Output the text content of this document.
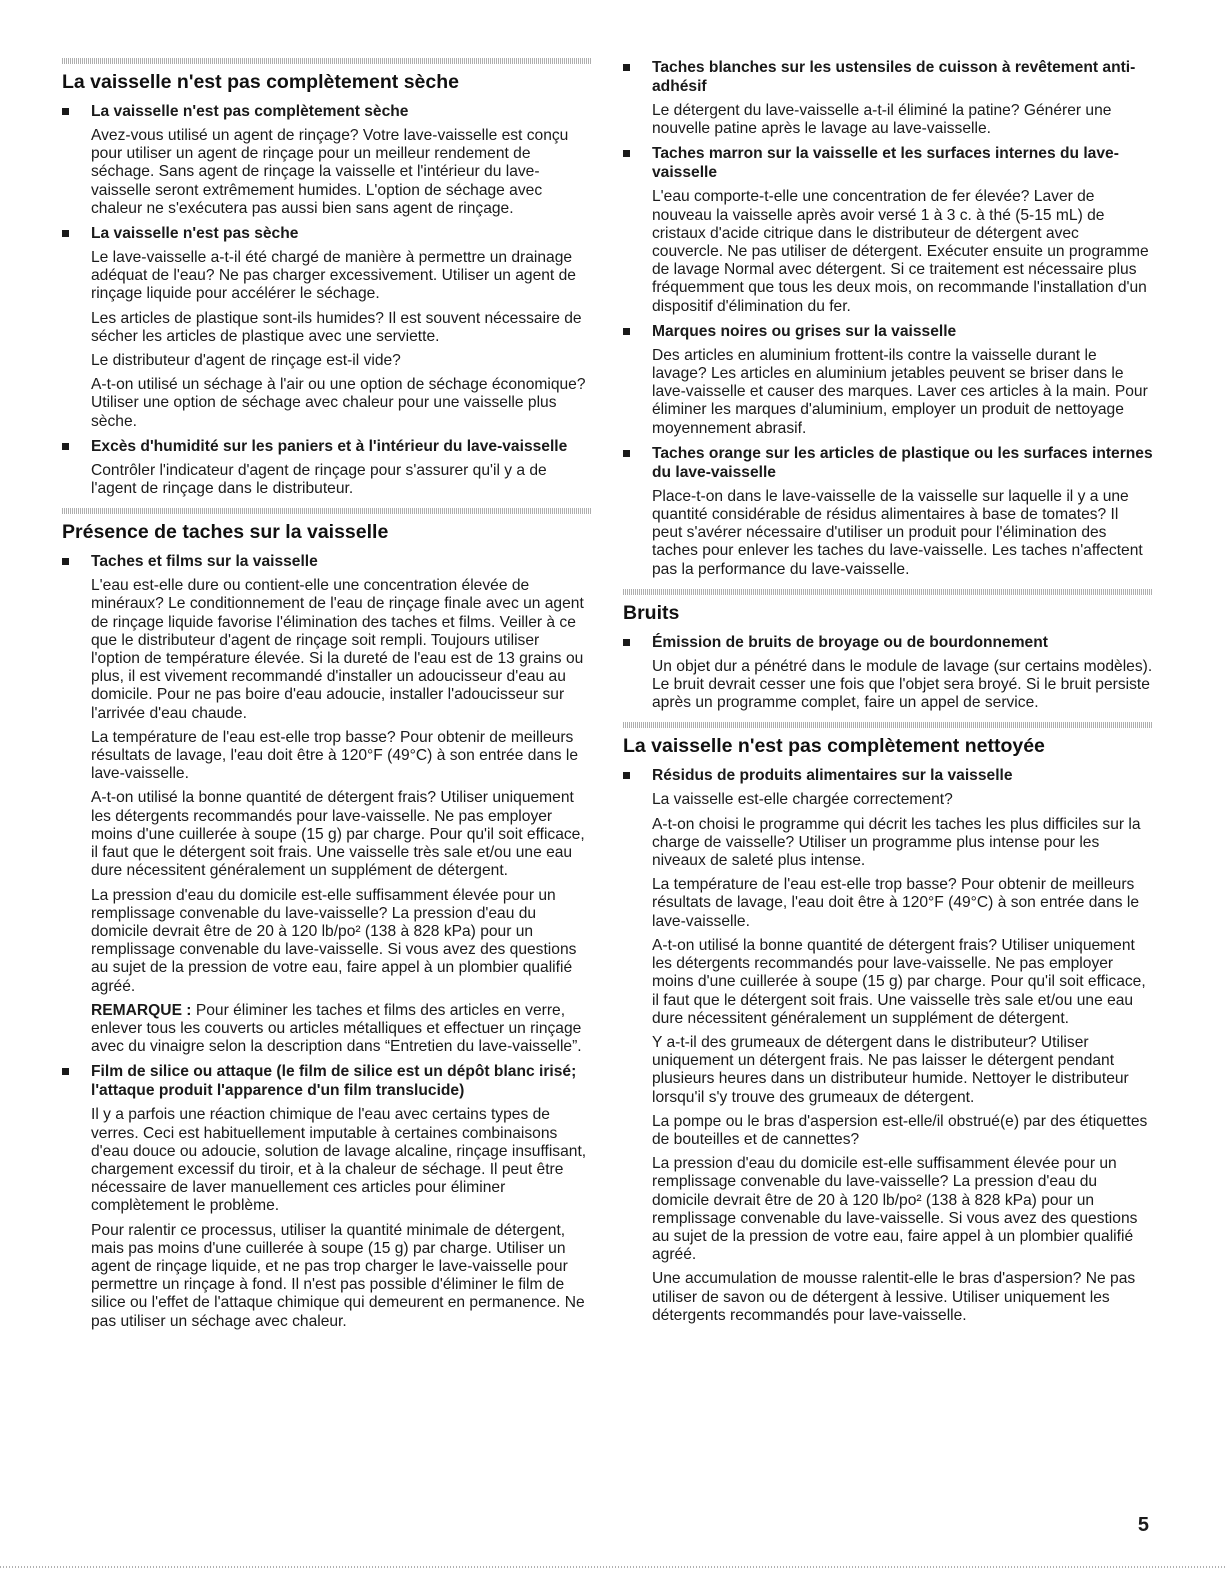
La vaisselle n'est pas complètement sèche
La vaisselle n'est pas complètement sèche

Avez-vous utilisé un agent de rinçage? Votre lave-vaisselle est conçu pour utiliser un agent de rinçage pour un meilleur rendement de séchage. Sans agent de rinçage la vaisselle et l'intérieur du lave-vaisselle seront extrêmement humides. L'option de séchage avec chaleur ne s'exécutera pas aussi bien sans agent de rinçage.

La vaisselle n'est pas sèche

Le lave-vaisselle a-t-il été chargé de manière à permettre un drainage adéquat de l'eau? Ne pas charger excessivement. Utiliser un agent de rinçage liquide pour accélérer le séchage.

Les articles de plastique sont-ils humides? Il est souvent nécessaire de sécher les articles de plastique avec une serviette.

Le distributeur d'agent de rinçage est-il vide?

A-t-on utilisé un séchage à l'air ou une option de séchage économique? Utiliser une option de séchage avec chaleur pour une vaisselle plus sèche.

Excès d'humidité sur les paniers et à l'intérieur du lave-vaisselle

Contrôler l'indicateur d'agent de rinçage pour s'assurer qu'il y a de l'agent de rinçage dans le distributeur.

Présence de taches sur la vaisselle
Taches et films sur la vaisselle

L'eau est-elle dure ou contient-elle une concentration élevée de minéraux? Le conditionnement de l'eau de rinçage finale avec un agent de rinçage liquide favorise l'élimination des taches et films. Veiller à ce que le distributeur d'agent de rinçage soit rempli. Toujours utiliser l'option de température élevée. Si la dureté de l'eau est de 13 grains ou plus, il est vivement recommandé d'installer un adoucisseur d'eau au domicile. Pour ne pas boire d'eau adoucie, installer l'adoucisseur sur l'arrivée d'eau chaude.

La température de l'eau est-elle trop basse? Pour obtenir de meilleurs résultats de lavage, l'eau doit être à 120°F (49°C) à son entrée dans le lave-vaisselle.

A-t-on utilisé la bonne quantité de détergent frais? Utiliser uniquement les détergents recommandés pour lave-vaisselle. Ne pas employer moins d'une cuillerée à soupe (15 g) par charge. Pour qu'il soit efficace, il faut que le détergent soit frais. Une vaisselle très sale et/ou une eau dure nécessitent généralement un supplément de détergent.

La pression d'eau du domicile est-elle suffisamment élevée pour un remplissage convenable du lave-vaisselle? La pression d'eau du domicile devrait être de 20 à 120 lb/po² (138 à 828 kPa) pour un remplissage convenable du lave-vaisselle. Si vous avez des questions au sujet de la pression de votre eau, faire appel à un plombier qualifié agréé.

REMARQUE : Pour éliminer les taches et films des articles en verre, enlever tous les couverts ou articles métalliques et effectuer un rinçage avec du vinaigre selon la description dans “Entretien du lave-vaisselle”.

Film de silice ou attaque (le film de silice est un dépôt blanc irisé; l'attaque produit l'apparence d'un film translucide)

Il y a parfois une réaction chimique de l'eau avec certains types de verres. Ceci est habituellement imputable à certaines combinaisons d'eau douce ou adoucie, solution de lavage alcaline, rinçage insuffisant, chargement excessif du tiroir, et à la chaleur de séchage. Il peut être nécessaire de laver manuellement ces articles pour éliminer complètement le problème.

Pour ralentir ce processus, utiliser la quantité minimale de détergent, mais pas moins d'une cuillerée à soupe (15 g) par charge. Utiliser un agent de rinçage liquide, et ne pas trop charger le lave-vaisselle pour permettre un rinçage à fond. Il n'est pas possible d'éliminer le film de silice ou l'effet de l'attaque chimique qui demeurent en permanence. Ne pas utiliser un séchage avec chaleur.

Taches blanches sur les ustensiles de cuisson à revêtement anti-adhésif

Le détergent du lave-vaisselle a-t-il éliminé la patine? Générer une nouvelle patine après le lavage au lave-vaisselle.

Taches marron sur la vaisselle et les surfaces internes du lave-vaisselle

L'eau comporte-t-elle une concentration de fer élevée? Laver de nouveau la vaisselle après avoir versé 1 à 3 c. à thé (5-15 mL) de cristaux d'acide citrique dans le distributeur de détergent avec couvercle. Ne pas utiliser de détergent. Exécuter ensuite un programme de lavage Normal avec détergent. Si ce traitement est nécessaire plus fréquemment que tous les deux mois, on recommande l'installation d'un dispositif d'élimination du fer.

Marques noires ou grises sur la vaisselle

Des articles en aluminium frottent-ils contre la vaisselle durant le lavage? Les articles en aluminium jetables peuvent se briser dans le lave-vaisselle et causer des marques. Laver ces articles à la main. Pour éliminer les marques d'aluminium, employer un produit de nettoyage moyennement abrasif.

Taches orange sur les articles de plastique ou les surfaces internes du lave-vaisselle

Place-t-on dans le lave-vaisselle de la vaisselle sur laquelle il y a une quantité considérable de résidus alimentaires à base de tomates? Il peut s'avérer nécessaire d'utiliser un produit pour l'élimination des taches pour enlever les taches du lave-vaisselle. Les taches n'affectent pas la performance du lave-vaisselle.

Bruits
Émission de bruits de broyage ou de bourdonnement

Un objet dur a pénétré dans le module de lavage (sur certains modèles). Le bruit devrait cesser une fois que l'objet sera broyé. Si le bruit persiste après un programme complet, faire un appel de service.

La vaisselle n'est pas complètement nettoyée
Résidus de produits alimentaires sur la vaisselle

La vaisselle est-elle chargée correctement?

A-t-on choisi le programme qui décrit les taches les plus difficiles sur la charge de vaisselle? Utiliser un programme plus intense pour les niveaux de saleté plus intense.

La température de l'eau est-elle trop basse? Pour obtenir de meilleurs résultats de lavage, l'eau doit être à 120°F (49°C) à son entrée dans le lave-vaisselle.

A-t-on utilisé la bonne quantité de détergent frais? Utiliser uniquement les détergents recommandés pour lave-vaisselle. Ne pas employer moins d'une cuillerée à soupe (15 g) par charge. Pour qu'il soit efficace, il faut que le détergent soit frais. Une vaisselle très sale et/ou une eau dure nécessitent généralement un supplément de détergent.

Y a-t-il des grumeaux de détergent dans le distributeur? Utiliser uniquement un détergent frais. Ne pas laisser le détergent pendant plusieurs heures dans un distributeur humide. Nettoyer le distributeur lorsqu'il s'y trouve des grumeaux de détergent.

La pompe ou le bras d'aspersion est-elle/il obstrué(e) par des étiquettes de bouteilles et de cannettes?

La pression d'eau du domicile est-elle suffisamment élevée pour un remplissage convenable du lave-vaisselle? La pression d'eau du domicile devrait être de 20 à 120 lb/po² (138 à 828 kPa) pour un remplissage convenable du lave-vaisselle. Si vous avez des questions au sujet de la pression de votre eau, faire appel à un plombier qualifié agréé.

Une accumulation de mousse ralentit-elle le bras d'aspersion? Ne pas utiliser de savon ou de détergent à lessive. Utiliser uniquement les détergents recommandés pour lave-vaisselle.

5
